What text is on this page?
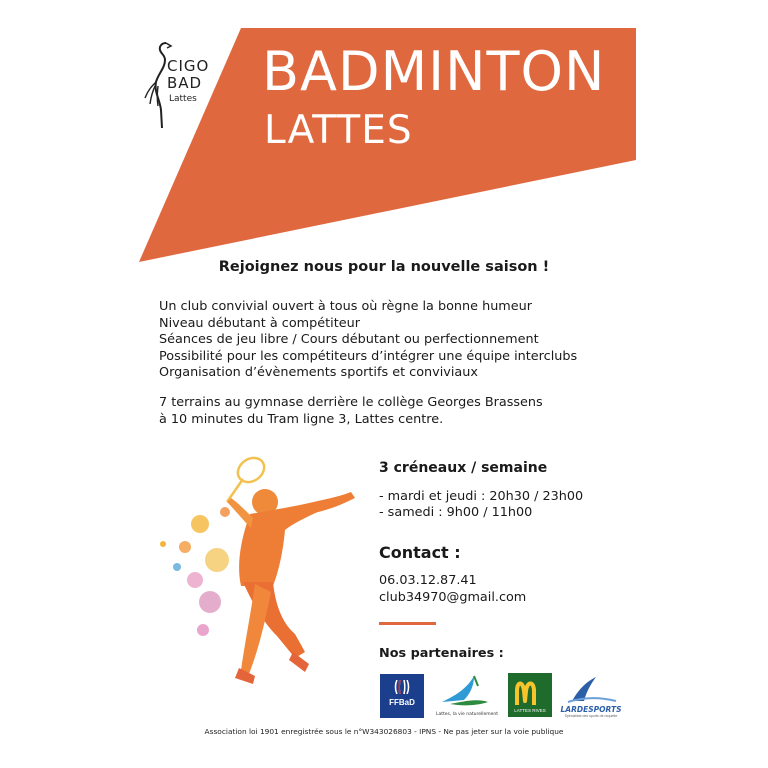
CIGO
BAD
Lattes BADMINTON
LATTES
Rejoignez nous pour la nouvelle saison !
Un club convivial ouvert à tous où règne la bonne humeur
Niveau débutant à compétiteur
Séances de jeu libre / Cours débutant ou perfectionnement
Possibilité pour les compétiteurs d’intégrer une équipe interclubs
Organisation d’évènements sportifs et conviviaux
7 terrains au gymnase derrière le collège Georges Brassens
à 10 minutes du Tram ligne 3, Lattes centre.
3 créneaux / semaine
- mardi et jeudi : 20h30 / 23h00
- samedi : 9h00 / 11h00
Contact :
06.03.12.87.41
club34970@gmail.com
Nos partenaires :
FFBaD
Lattes, la vie naturellement
LATTES RIVES	LARDESPORTS
Spécialiste des sports de raquette
Association loi 1901 enregistrée sous le n°W343026803 - IPNS - Ne pas jeter sur la voie publique
